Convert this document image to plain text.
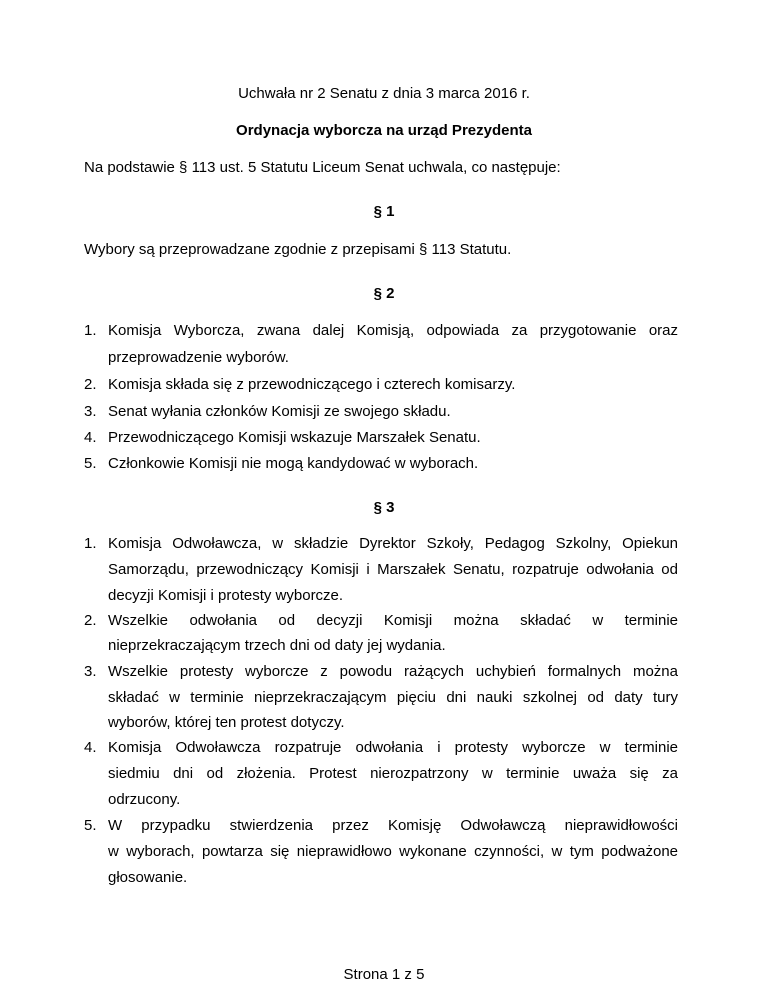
Uchwała nr 2 Senatu z dnia 3 marca 2016 r.
Ordynacja wyborcza na urząd Prezydenta
Na podstawie § 113 ust. 5 Statutu Liceum Senat uchwala, co następuje:
§ 1
Wybory są przeprowadzane zgodnie z przepisami § 113 Statutu.
§ 2
1. Komisja Wyborcza, zwana dalej Komisją, odpowiada za przygotowanie oraz
przeprowadzenie wyborów.
2. Komisja składa się z przewodniczącego i czterech komisarzy.
3. Senat wyłania członków Komisji ze swojego składu.
4. Przewodniczącego Komisji wskazuje Marszałek Senatu.
5. Członkowie Komisji nie mogą kandydować w wyborach.
§ 3
1. Komisja Odwoławcza, w składzie Dyrektor Szkoły, Pedagog Szkolny, Opiekun
Samorządu, przewodniczący Komisji i Marszałek Senatu, rozpatruje odwołania od
decyzji Komisji i protesty wyborcze.
2. Wszelkie odwołania od decyzji Komisji można składać w terminie
nieprzekraczającym trzech dni od daty jej wydania.
3. Wszelkie protesty wyborcze z powodu rażących uchybień formalnych można
składać w terminie nieprzekraczającym pięciu dni nauki szkolnej od daty tury
wyborów, której ten protest dotyczy.
4. Komisja Odwoławcza rozpatruje odwołania i protesty wyborcze w terminie
siedmiu dni od złożenia. Protest nierozpatrzony w terminie uważa się za
odrzucony.
5. W przypadku stwierdzenia przez Komisję Odwoławczą nieprawidłowości
w wyborach, powtarza się nieprawidłowo wykonane czynności, w tym podważone
głosowanie.
Strona 1 z 5
